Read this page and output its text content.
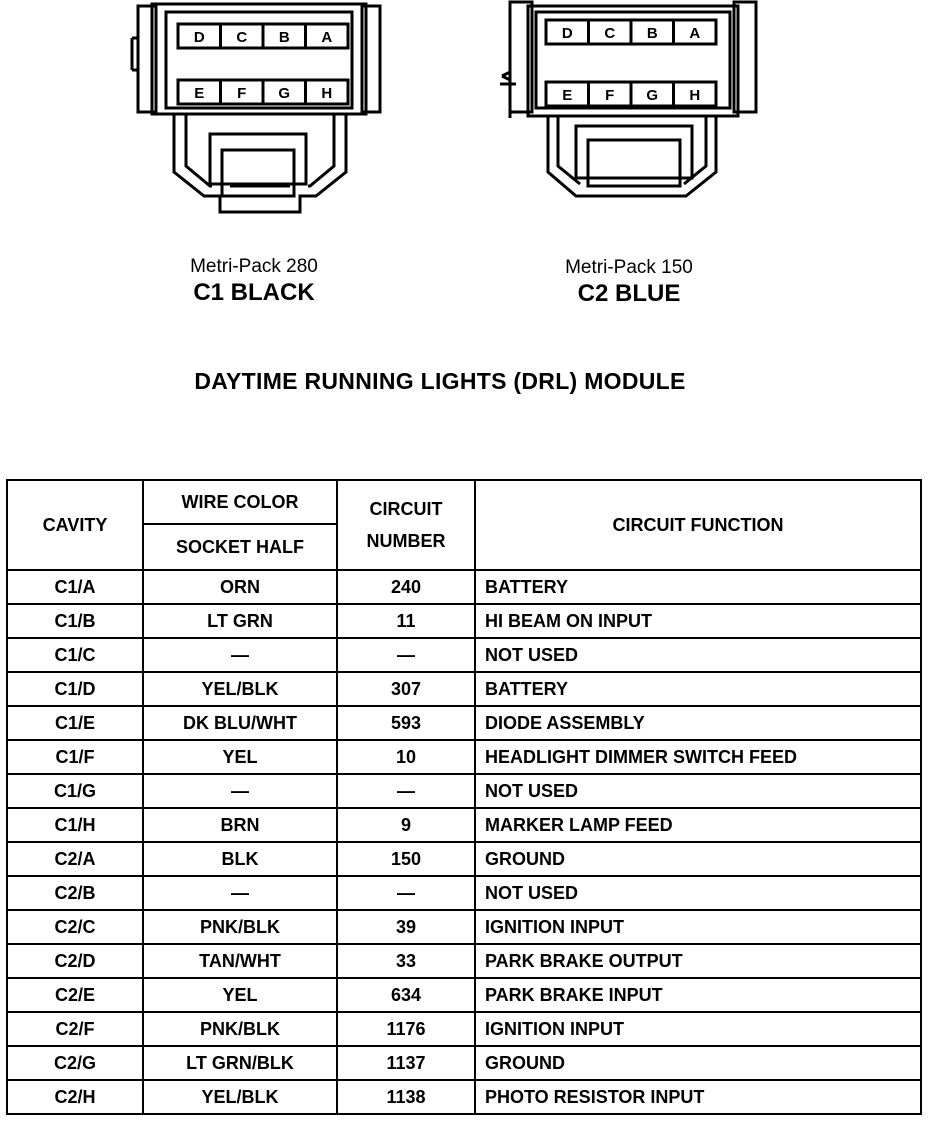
D C B A
E F G H
D C B A
E F G H
Metri-Pack 280
C1 BLACK
Metri-Pack 150
C2 BLUE
DAYTIME RUNNING LIGHTS (DRL) MODULE
CAVITY	WIRE COLOR	CIRCUIT NUMBER	CIRCUIT FUNCTION
	SOCKET HALF		
C1/A	ORN	240	BATTERY
C1/B	LT GRN	11	HI BEAM ON INPUT
C1/C	—	—	NOT USED
C1/D	YEL/BLK	307	BATTERY
C1/E	DK BLU/WHT	593	DIODE ASSEMBLY
C1/F	YEL	10	HEADLIGHT DIMMER SWITCH FEED
C1/G	—	—	NOT USED
C1/H	BRN	9	MARKER LAMP FEED
C2/A	BLK	150	GROUND
C2/B	—	—	NOT USED
C2/C	PNK/BLK	39	IGNITION INPUT
C2/D	TAN/WHT	33	PARK BRAKE OUTPUT
C2/E	YEL	634	PARK BRAKE INPUT
C2/F	PNK/BLK	1176	IGNITION INPUT
C2/G	LT GRN/BLK	1137	GROUND
C2/H	YEL/BLK	1138	PHOTO RESISTOR INPUT
